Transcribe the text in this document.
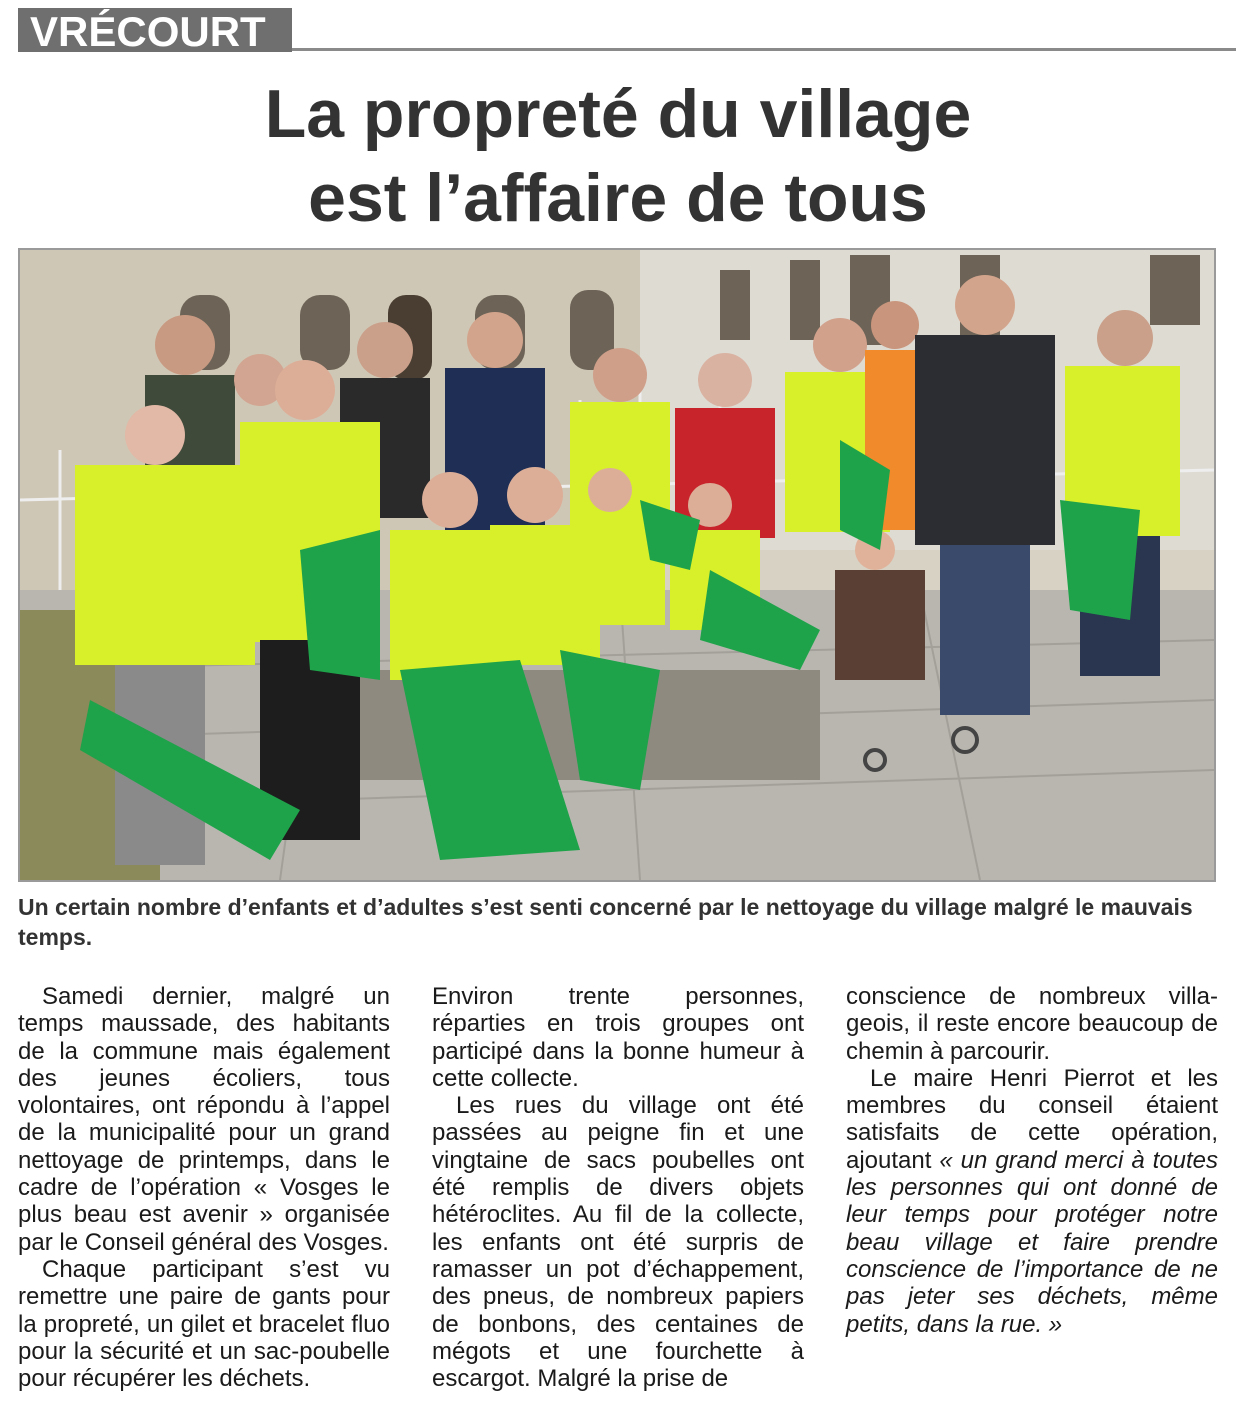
VRÉCOURT
La propreté du village
est l’affaire de tous
Un certain nombre d’enfants et d’adultes s’est senti concerné par le nettoyage du village malgré le mauvais temps.

Samedi dernier, malgré un temps maussade, des habitants de la commune mais également des jeunes écoliers, tous volontaires, ont répondu à l’appel de la municipalité pour un grand nettoyage de printemps, dans le cadre de l’opération « Vosges le plus beau est avenir » organisée par le Conseil général des Vosges.

Chaque participant s’est vu remettre une paire de gants pour la propreté, un gilet et bracelet fluo pour la sécurité et un sac-poubelle pour récupérer les déchets.

Environ trente personnes, réparties en trois groupes ont participé dans la bonne humeur à cette collecte.

Les rues du village ont été passées au peigne fin et une vingtaine de sacs poubelles ont été remplis de divers objets hétéroclites. Au fil de la collecte, les enfants ont été surpris de ramasser un pot d’échappement, des pneus, de nombreux papiers de bonbons, des centaines de mégots et une fourchette à escargot. Malgré la prise de

conscience de nombreux villageois, il reste encore beaucoup de chemin à parcourir.

Le maire Henri Pierrot et les membres du conseil étaient satisfaits de cette opération, ajoutant « un grand merci à toutes les personnes qui ont donné de leur temps pour protéger notre beau village et faire prendre conscience de l’importance de ne pas jeter ses déchets, même petits, dans la rue. »
